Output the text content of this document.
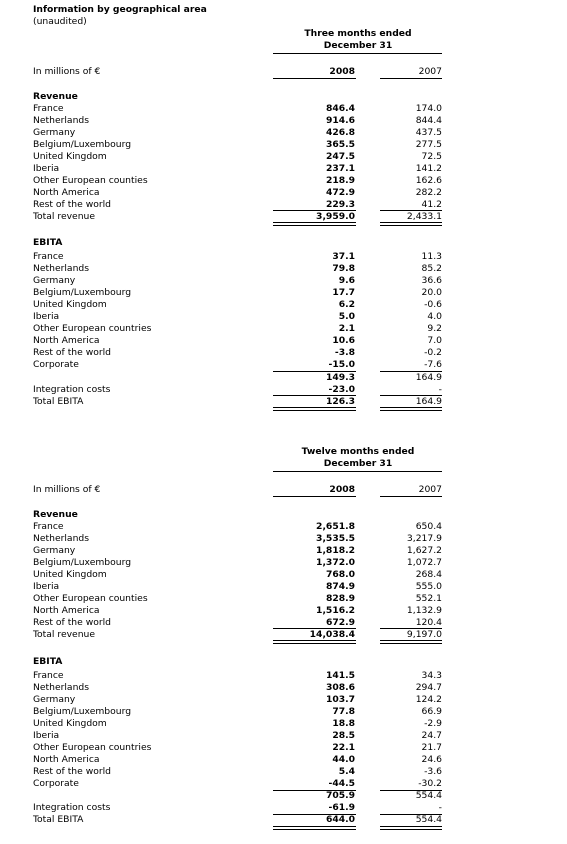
Information by geographical area
(unaudited)
Three months ended
December 31
In millions of €	2008	2007
Revenue
France	846.4	174.0
Netherlands	914.6	844.4
Germany	426.8	437.5
Belgium/Luxembourg	365.5	277.5
United Kingdom	247.5	72.5
Iberia	237.1	141.2
Other European counties	218.9	162.6
North America	472.9	282.2
Rest of the world	229.3	41.2
Total revenue	3,959.0	2,433.1
EBITA
France	37.1	11.3
Netherlands	79.8	85.2
Germany	9.6	36.6
Belgium/Luxembourg	17.7	20.0
United Kingdom	6.2	-0.6
Iberia	5.0	4.0
Other European countries	2.1	9.2
North America	10.6	7.0
Rest of the world	-3.8	-0.2
Corporate	-15.0	-7.6
149.3	164.9
Integration costs	-23.0	-
Total EBITA	126.3	164.9
Twelve months ended
December 31
In millions of €	2008	2007
Revenue
France	2,651.8	650.4
Netherlands	3,535.5	3,217.9
Germany	1,818.2	1,627.2
Belgium/Luxembourg	1,372.0	1,072.7
United Kingdom	768.0	268.4
Iberia	874.9	555.0
Other European counties	828.9	552.1
North America	1,516.2	1,132.9
Rest of the world	672.9	120.4
Total revenue	14,038.4	9,197.0
EBITA
France	141.5	34.3
Netherlands	308.6	294.7
Germany	103.7	124.2
Belgium/Luxembourg	77.8	66.9
United Kingdom	18.8	-2.9
Iberia	28.5	24.7
Other European countries	22.1	21.7
North America	44.0	24.6
Rest of the world	5.4	-3.6
Corporate	-44.5	-30.2
705.9	554.4
Integration costs	-61.9	-
Total EBITA	644.0	554.4
